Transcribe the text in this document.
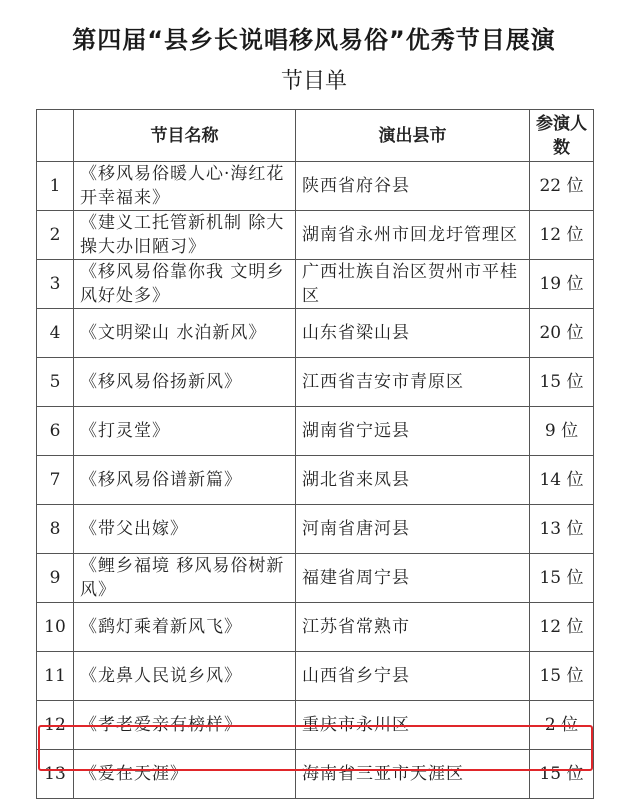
第四届“县乡长说唱移风易俗”优秀节目展演
节目单
	节目名称	演出县市	参演人数
1	《移风易俗暖人心·海红花开幸福来》	陕西省府谷县	22 位
2	《建义工托管新机制 除大操大办旧陋习》	湖南省永州市回龙圩管理区	12 位
3	《移风易俗靠你我 文明乡风好处多》	广西壮族自治区贺州市平桂区	19 位
4	《文明梁山 水泊新风》	山东省梁山县	20 位
5	《移风易俗扬新风》	江西省吉安市青原区	15 位
6	《打灵堂》	湖南省宁远县	9 位
7	《移风易俗谱新篇》	湖北省来凤县	14 位
8	《带父出嫁》	河南省唐河县	13 位
9	《鲤乡福境 移风易俗树新风》	福建省周宁县	15 位
10	《鹞灯乘着新风飞》	江苏省常熟市	12 位
11	《龙鼻人民说乡风》	山西省乡宁县	15 位
12	《孝老爱亲有榜样》	重庆市永川区	2 位
13	《爱在天涯》	海南省三亚市天涯区	15 位
